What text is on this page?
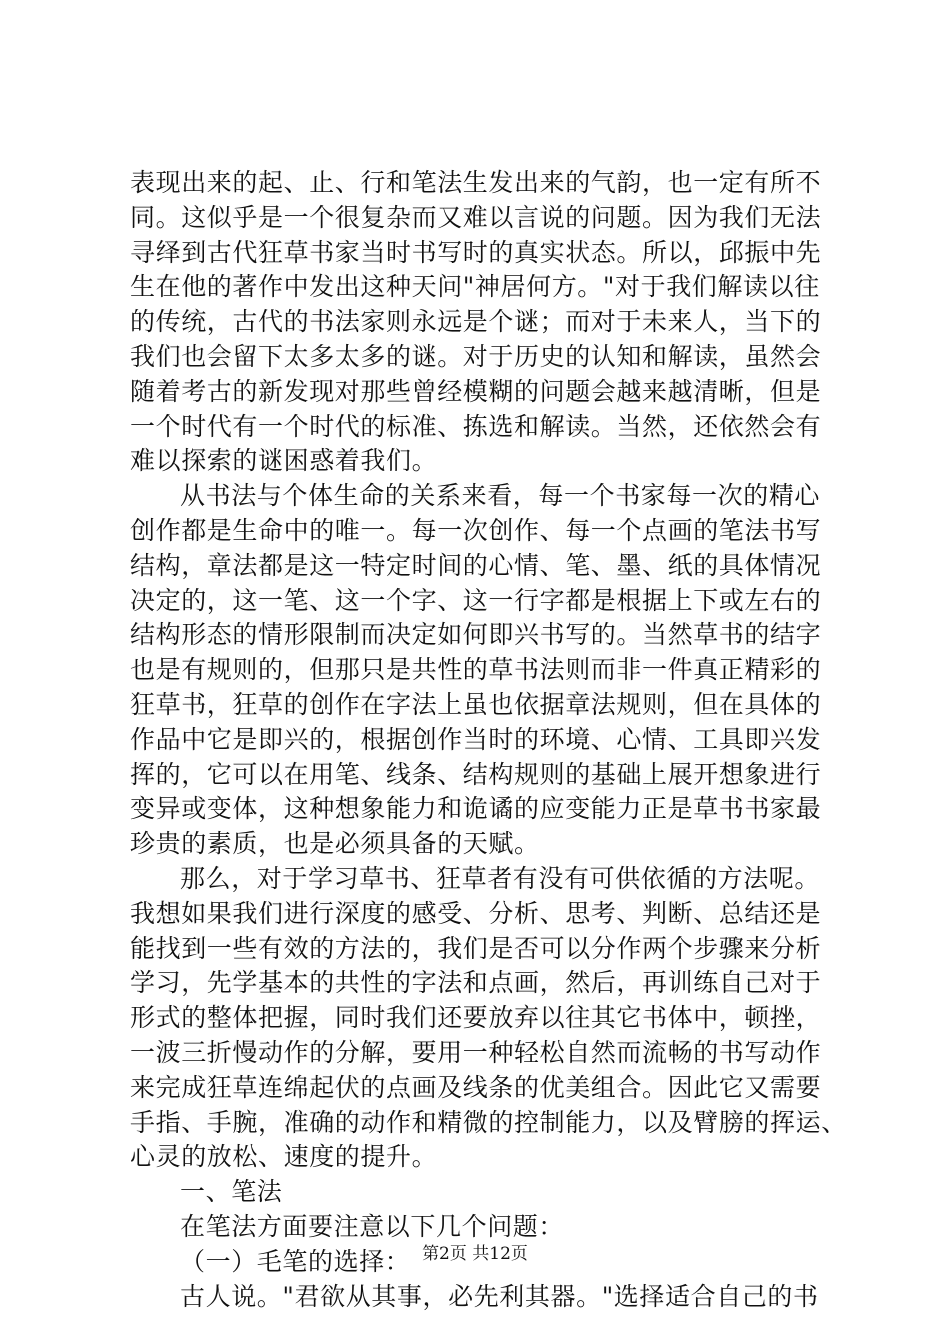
表现出来的起、止、行和笔法生发出来的气韵，也一定有所不
同。这似乎是一个很复杂而又难以言说的问题。因为我们无法
寻绎到古代狂草书家当时书写时的真实状态。所以，邱振中先
生在他的著作中发出这种天问"神居何方。"对于我们解读以往
的传统，古代的书法家则永远是个谜；而对于未来人，当下的
我们也会留下太多太多的谜。对于历史的认知和解读，虽然会
随着考古的新发现对那些曾经模糊的问题会越来越清晰，但是
一个时代有一个时代的标准、拣选和解读。当然，还依然会有
难以探索的谜困惑着我们。
从书法与个体生命的关系来看，每一个书家每一次的精心
创作都是生命中的唯一。每一次创作、每一个点画的笔法书写
结构，章法都是这一特定时间的心情、笔、墨、纸的具体情况
决定的，这一笔、这一个字、这一行字都是根据上下或左右的
结构形态的情形限制而决定如何即兴书写的。当然草书的结字
也是有规则的，但那只是共性的草书法则而非一件真正精彩的
狂草书，狂草的创作在字法上虽也依据章法规则，但在具体的
作品中它是即兴的，根据创作当时的环境、心情、工具即兴发
挥的，它可以在用笔、线条、结构规则的基础上展开想象进行
变异或变体，这种想象能力和诡谲的应变能力正是草书书家最
珍贵的素质，也是必须具备的天赋。
那么，对于学习草书、狂草者有没有可供依循的方法呢。
我想如果我们进行深度的感受、分析、思考、判断、总结还是
能找到一些有效的方法的，我们是否可以分作两个步骤来分析
学习，先学基本的共性的字法和点画，然后，再训练自己对于
形式的整体把握，同时我们还要放弃以往其它书体中，顿挫，
一波三折慢动作的分解，要用一种轻松自然而流畅的书写动作
来完成狂草连绵起伏的点画及线条的优美组合。因此它又需要
手指、手腕，准确的动作和精微的控制能力，以及臂膀的挥运、
心灵的放松、速度的提升。
一、笔法
在笔法方面要注意以下几个问题：
（一）毛笔的选择：
古人说。"君欲从其事，必先利其器。"选择适合自己的书
第2页 共12页
